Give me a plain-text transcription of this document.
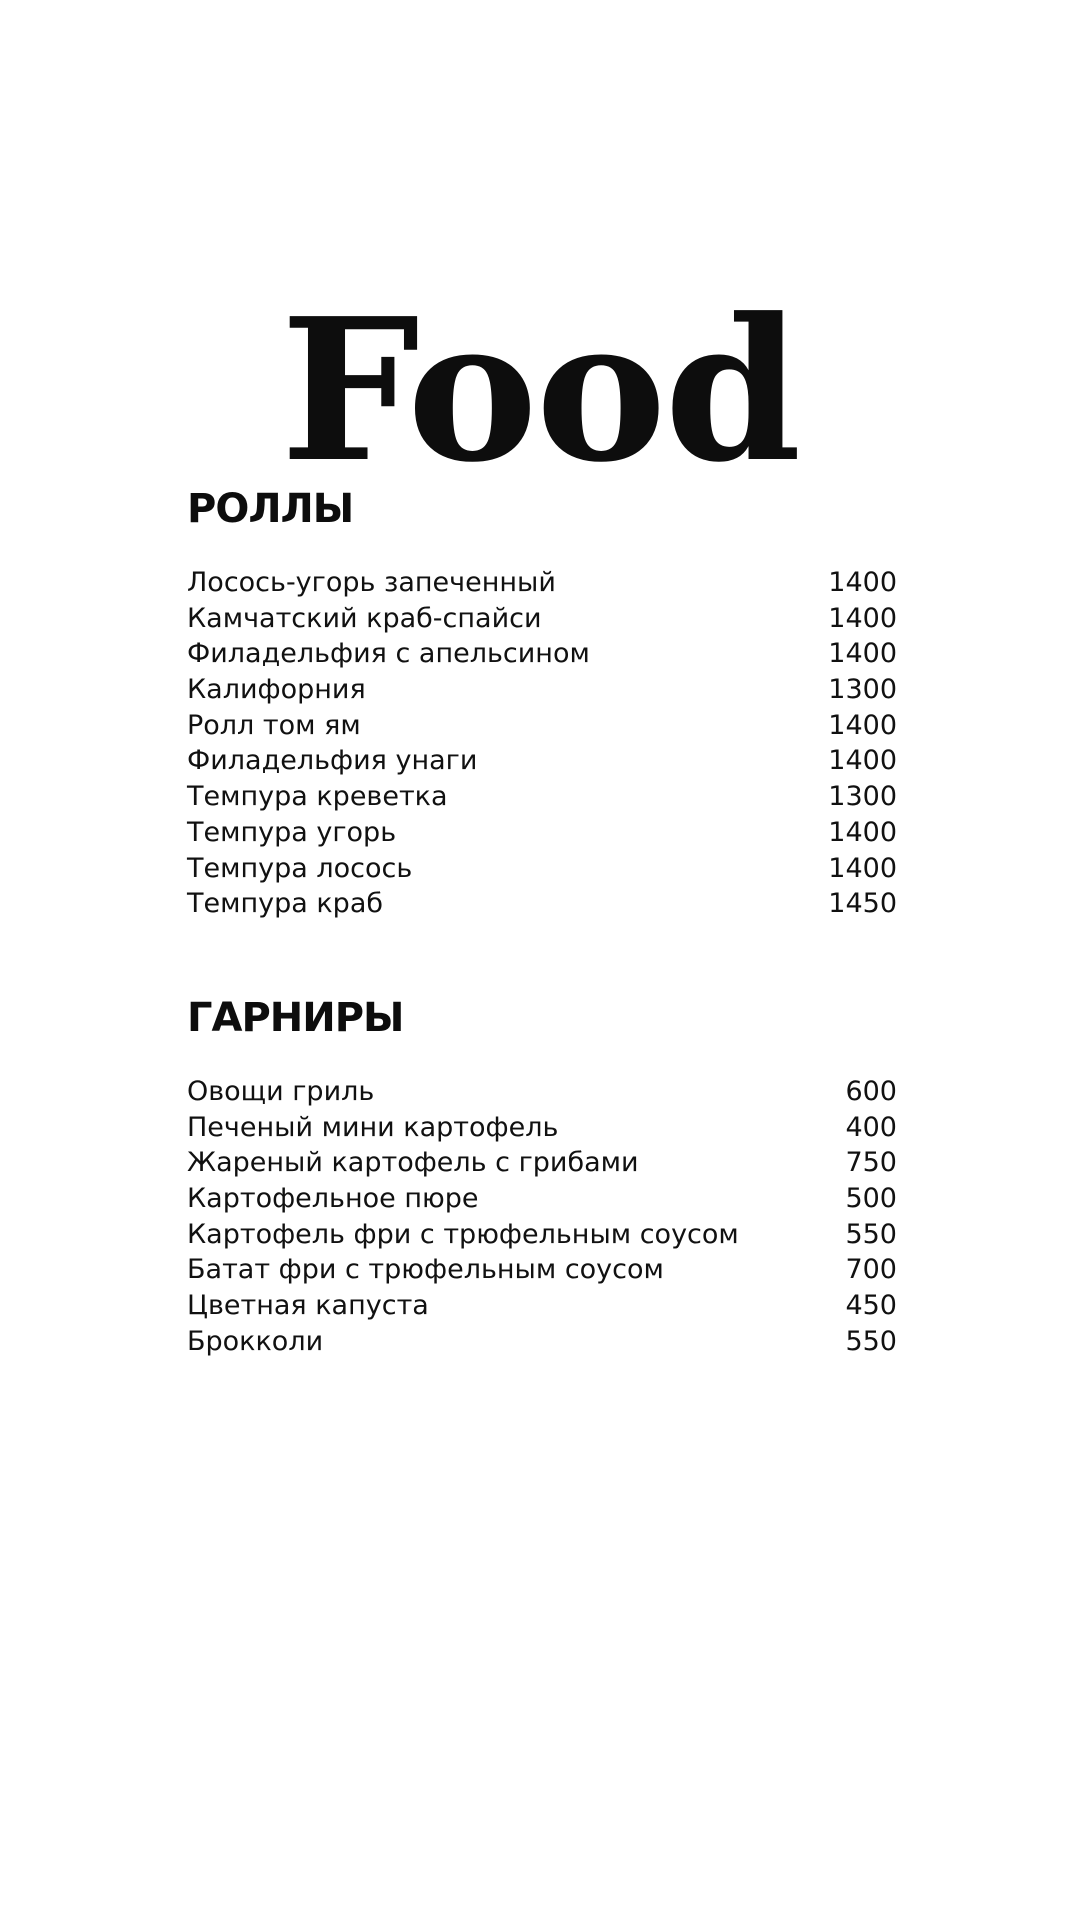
Food
РОЛЛЫ
Лосось-угорь запеченный	1400
Камчатский краб-спайси	1400
Филадельфия с апельсином	1400
Калифорния	1300
Ролл том ям	1400
Филадельфия унаги	1400
Темпура креветка	1300
Темпура угорь	1400
Темпура лосось	1400
Темпура краб	1450
ГАРНИРЫ
Овощи гриль	600
Печеный мини картофель	400
Жареный картофель с грибами	750
Картофельное пюре	500
Картофель фри с трюфельным соусом	550
Батат фри с трюфельным соусом	700
Цветная капуста	450
Брокколи	550
